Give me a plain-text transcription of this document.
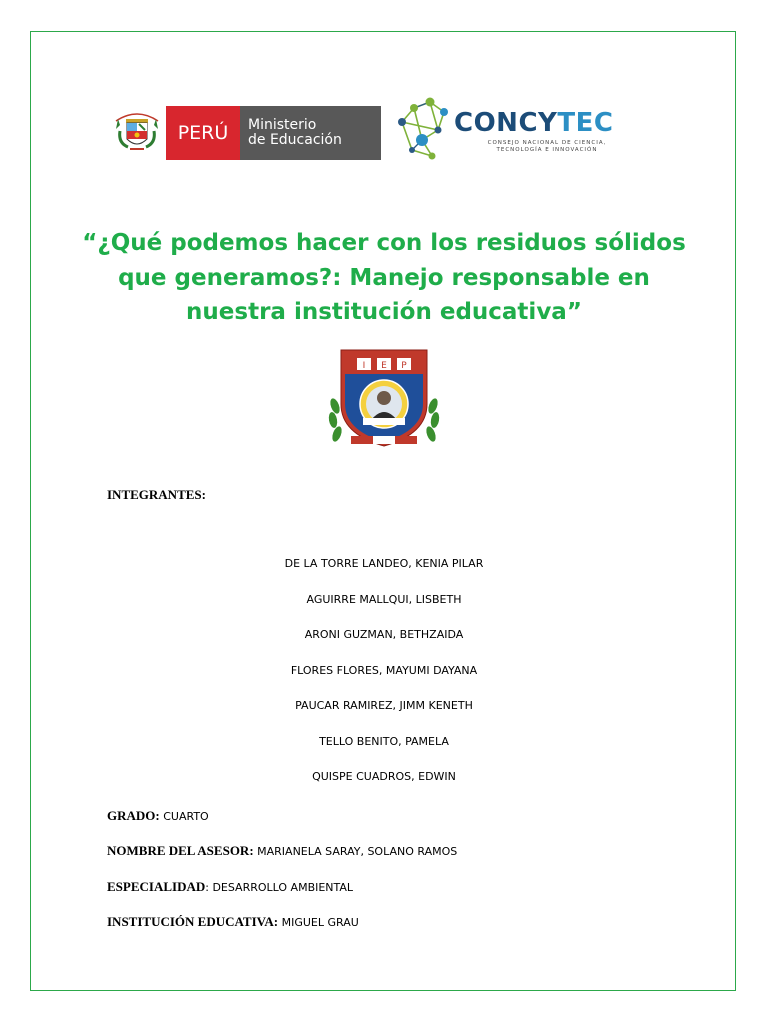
PERÚ	Ministerio
de Educación
CONCYTEC
CONSEJO NACIONAL DE CIENCIA,
TECNOLOGÍA E INNOVACIÓN
“¿Qué podemos hacer con los residuos sólidos
que generamos?: Manejo responsable en
nuestra institución educativa”
I E P
INTEGRANTES:
DE LA TORRE LANDEO, KENIA PILAR
AGUIRRE MALLQUI, LISBETH
ARONI GUZMAN, BETHZAIDA
FLORES FLORES, MAYUMI DAYANA
PAUCAR RAMIREZ, JIMM KENETH
TELLO BENITO, PAMELA
QUISPE CUADROS, EDWIN
GRADO: CUARTO
NOMBRE DEL ASESOR: MARIANELA SARAY, SOLANO RAMOS
ESPECIALIDAD: DESARROLLO AMBIENTAL
INSTITUCIÓN EDUCATIVA: MIGUEL GRAU
